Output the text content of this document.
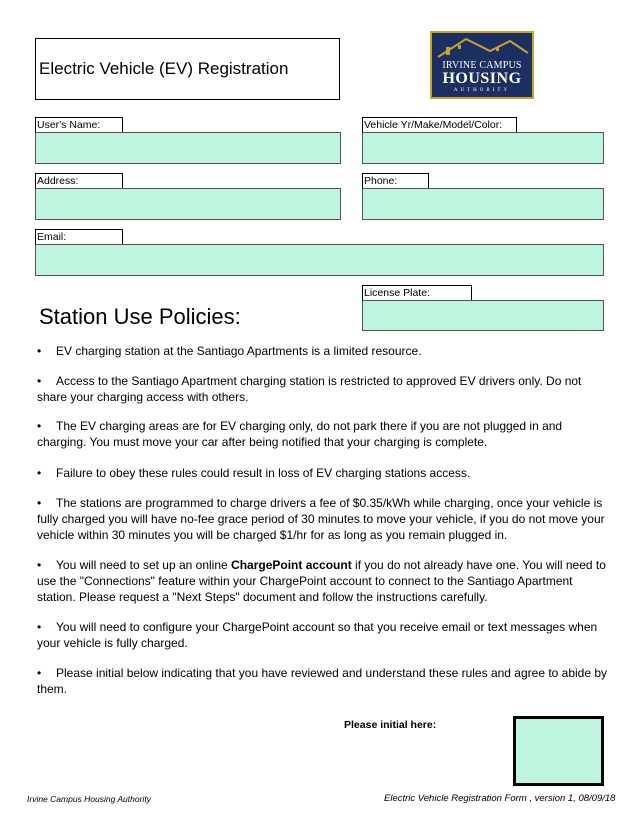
Electric Vehicle (EV) Registration	IRVINE CAMPUS
HOUSING
AUTHORITY
User's Name:	Vehicle Yr/Make/Model/Color:
Address:	Phone:
Email:
License Plate:
Station Use Policies:
• EV charging station at the Santiago Apartments is a limited resource.
• Access to the Santiago Apartment charging station is restricted to approved EV drivers only. Do not share your charging access with others.
• The EV charging areas are for EV charging only, do not park there if you are not plugged in and charging. You must move your car after being notified that your charging is complete.
• Failure to obey these rules could result in loss of EV charging stations access.
• The stations are programmed to charge drivers a fee of $0.35/kWh while charging, once your vehicle is fully charged you will have no-fee grace period of 30 minutes to move your vehicle, if you do not move your vehicle within 30 minutes you will be charged $1/hr for as long as you remain plugged in.
• You will need to set up an online ChargePoint account if you do not already have one. You will need to use the "Connections" feature within your ChargePoint account to connect to the Santiago Apartment station. Please request a "Next Steps" document and follow the instructions carefully.
• You will need to configure your ChargePoint account so that you receive email or text messages when your vehicle is fully charged.
• Please initial below indicating that you have reviewed and understand these rules and agree to abide by them.
Please initial here:
Irvine Campus Housing Authority	Electric Vehicle Registration Form , version 1, 08/09/18
